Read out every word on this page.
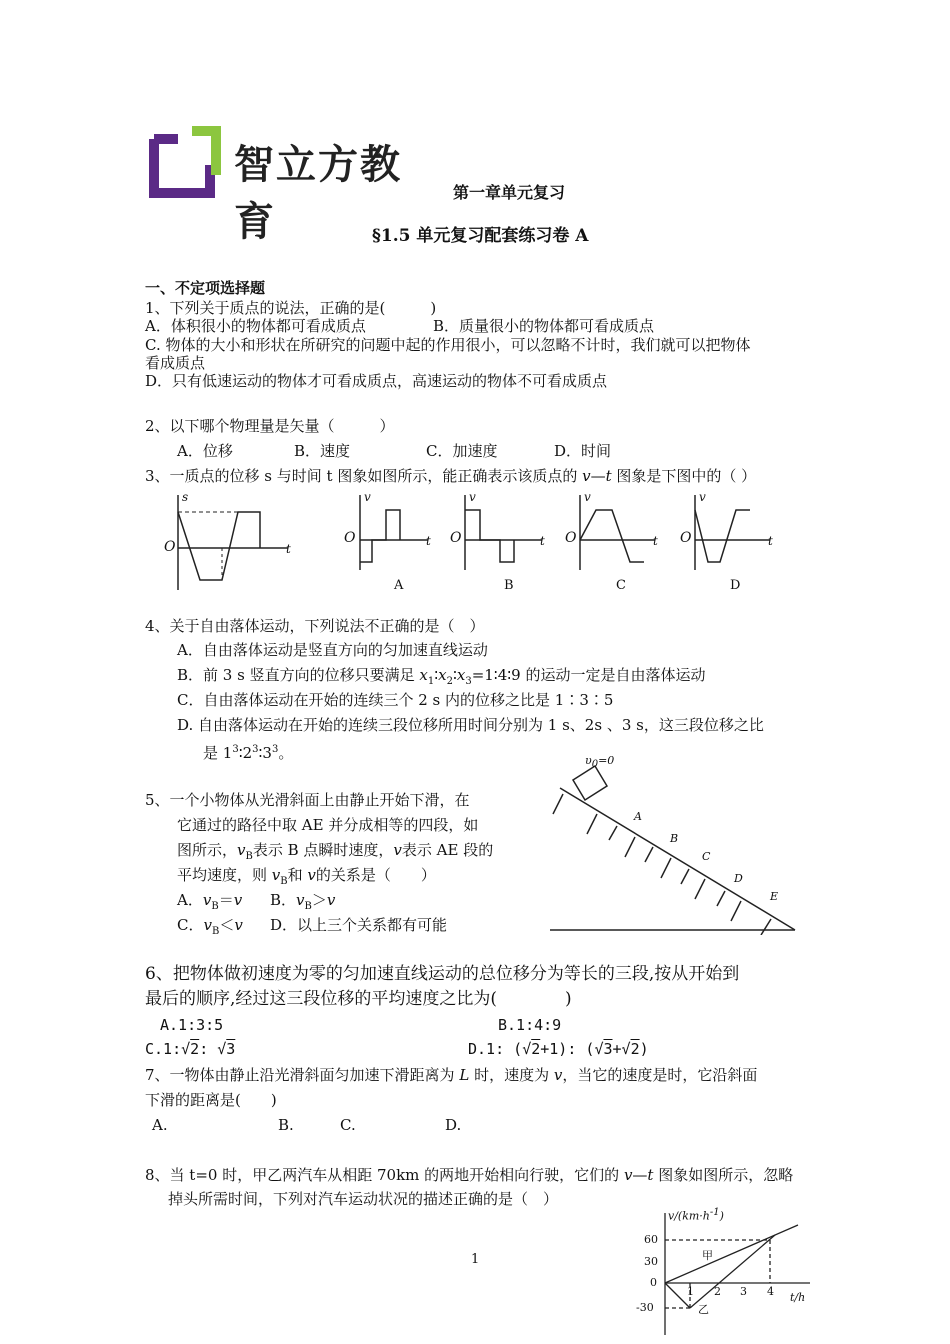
智立方教育
第一章单元复习
§1.5 单元复习配套练习卷 A
一、不定项选择题
1、下列关于质点的说法，正确的是(　　　)
A．体积很小的物体都可看成质点	B．质量很小的物体都可看成质点
C. 物体的大小和形状在所研究的问题中起的作用很小，可以忽略不计时，我们就可以把物体
看成质点
D．只有低速运动的物体才可看成质点，高速运动的物体不可看成质点
2、以下哪个物理量是矢量（　　　）
A．位移	B．速度	C．加速度	D．时间
3、一质点的位移 s 与时间 t 图象如图所示，能正确表示该质点的 v—t 图象是下图中的（ ）
s
O	t
v
O	t
A
v
O	t
B
v
O	t
C
v
O	t
D
4、关于自由落体运动，下列说法不正确的是（　）
A．自由落体运动是竖直方向的匀加速直线运动
B．前 3 s 竖直方向的位移只要满足 $x_1∶x_2∶x_3=1∶4∶9$ 的运动一定是自由落体运动
C．自由落体运动在开始的连续三个 2 s 内的位移之比是 1∶3∶5
D. 自由落体运动在开始的连续三段位移所用时间分别为 1 s、2s 、3 s，这三段位移之比
是 $1^3∶2^3∶3^3$。
5、一个小物体从光滑斜面上由静止开始下滑，在
它通过的路径中取 AE 并分成相等的四段，如
图所示，$v_B$表示 B 点瞬时速度，v表示 AE 段的
平均速度，则 $v_B$和 v的关系是（　　）
A．$v_B=v$ B．$v_B>v$
C．$v_B<v$ D．以上三个关系都有可能
$\upsilon_0=0$
A
B
C
D
E
6、把物体做初速度为零的匀加速直线运动的总位移分为等长的三段,按从开始到
最后的顺序,经过这三段位移的平均速度之比为(　　　　)
A.1:3:5	B.1:4:9
C.1:√2: √3	D.1: (√2+1): (√3+√2)
7、一物体由静止沿光滑斜面匀加速下滑距离为 L 时，速度为 v，当它的速度是时，它沿斜面
下滑的距离是(　　)
A.	B.	C.	D.
8、当 t=0 时，甲乙两汽车从相距 70km 的两地开始相向行驶，它们的 v—t 图象如图所示，忽略
掉头所需时间，下列对汽车运动状况的描述正确的是（　）
$v/(km\cdot h^{-1})$
60
30
0
-30
1 2 3 4 t/h
甲
乙
1
